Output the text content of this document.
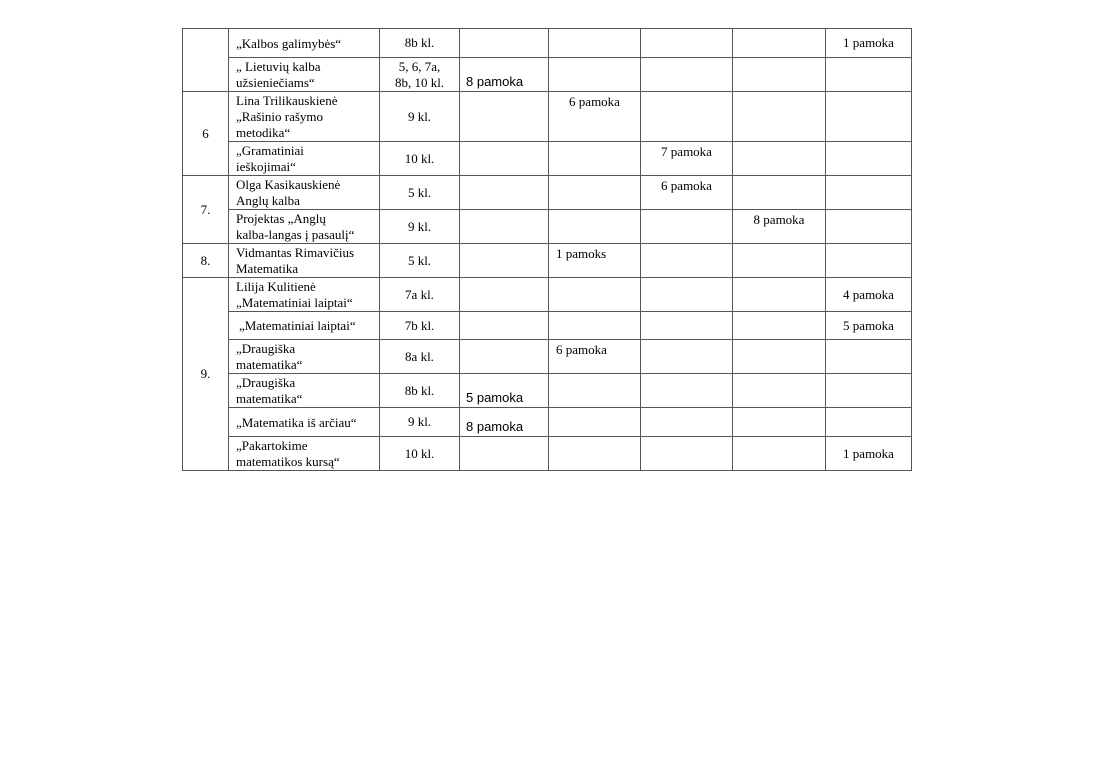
	„Kalbos galimybės“	8b kl.					1 pamoka

	„ Lietuvių kalba
užsieniečiams“	5, 6, 7a,
8b, 10 kl.	8 pamoka				
6	Lina Trilikauskienė
„Rašinio rašymo
metodika“	9 kl.		6 pamoka			

	„Gramatiniai
ieškojimai“	10 kl.			7 pamoka		
7.	Olga Kasikauskienė
Anglų kalba	5 kl.			6 pamoka		

	Projektas „Anglų
kalba-langas į pasaulį“	9 kl.				8 pamoka	
8.	Vidmantas Rimavičius
Matematika	5 kl.		1 pamoks			
9.	Lilija Kulitienė
„Matematiniai laiptai“	7a kl.					4 pamoka

	„Matematiniai laiptai“	7b kl.					5 pamoka

	„Draugiška
matematika“	8a kl.		6 pamoka			

	„Draugiška
matematika“	8b kl.	5 pamoka				

	„Matematika iš arčiau“	9 kl.	8 pamoka				

	„Pakartokime
matematikos kursą“	10 kl.					1 pamoka
